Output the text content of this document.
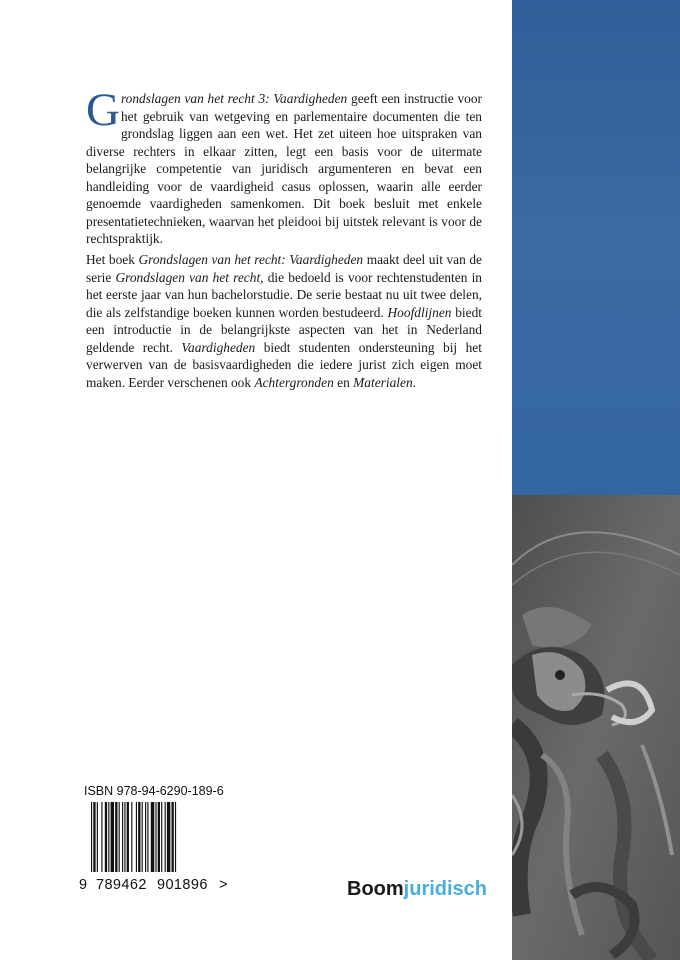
Grondslagen van het recht 3: Vaardigheden geeft een instructie voor het gebruik van wetgeving en parlementaire documenten die ten grondslag liggen aan een wet. Het zet uiteen hoe uitspraken van diverse rechters in elkaar zitten, legt een basis voor de uitermate belangrijke competentie van juridisch argumenteren en bevat een handleiding voor de vaardigheid casus oplossen, waarin alle eerder genoemde vaardigheden samenkomen. Dit boek besluit met enkele presentatietechnieken, waarvan het pleidooi bij uitstek relevant is voor de rechtspraktijk.

Het boek Grondslagen van het recht: Vaardigheden maakt deel uit van de serie Grondslagen van het recht, die bedoeld is voor rechtenstudenten in het eerste jaar van hun bachelorstudie. De serie bestaat nu uit twee delen, die als zelfstandige boeken kunnen worden bestudeerd. Hoofdlijnen biedt een introductie in de belangrijkste aspecten van het in Nederland geldende recht. Vaardigheden biedt studenten ondersteuning bij het verwerven van de basisvaardigheden die iedere jurist zich eigen moet maken. Eerder verschenen ook Achtergronden en Materialen.

ISBN 978-94-6290-189-6
9 789462 901896 >	Boomjuridisch
